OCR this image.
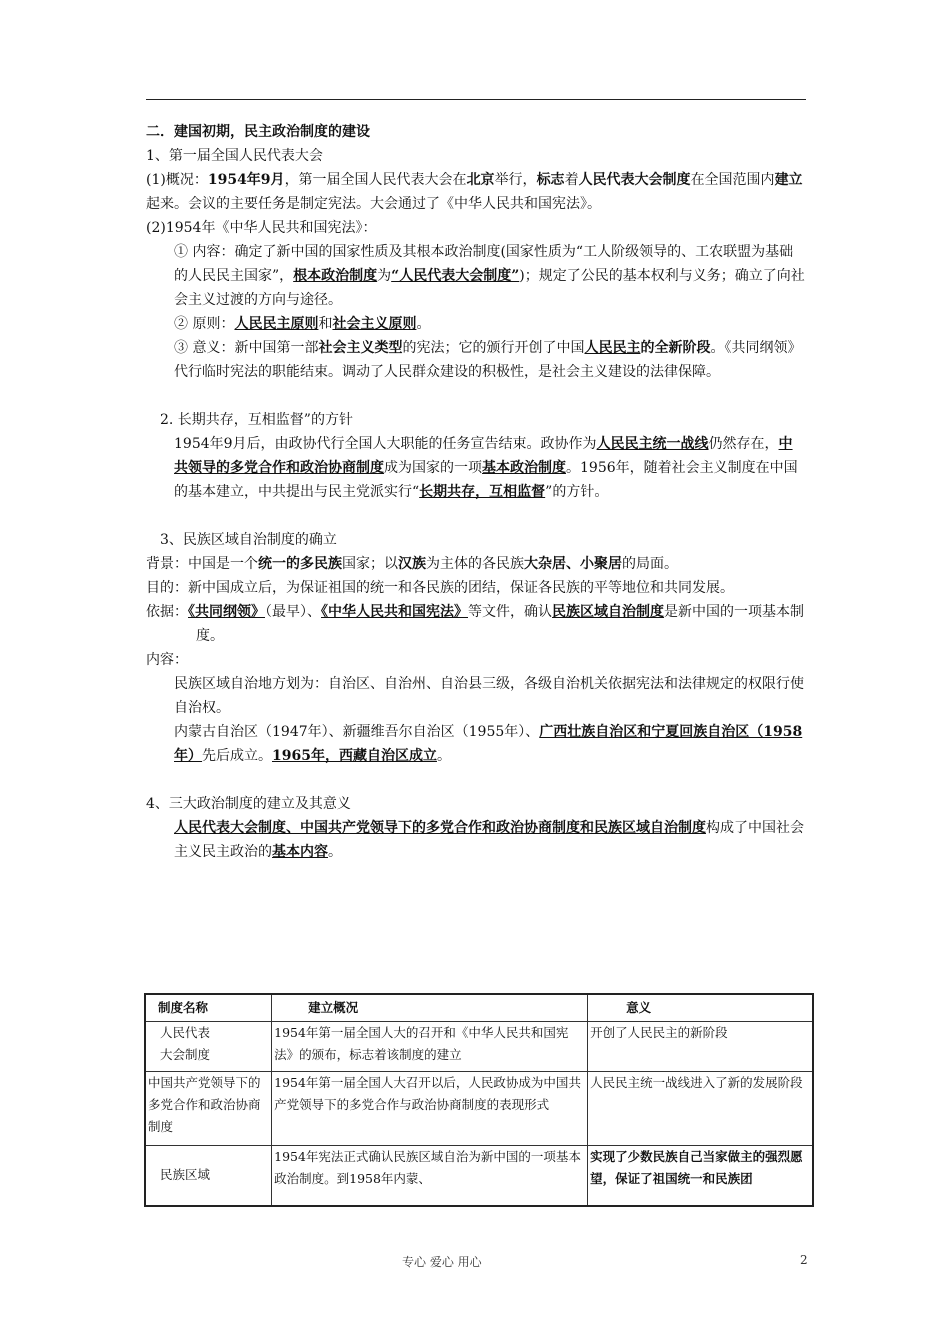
二．建国初期，民主政治制度的建设

1、第一届全国人民代表大会

(1)概况：1954年9月，第一届全国人民代表大会在北京举行，标志着人民代表大会制度在全国范围内建立起来。会议的主要任务是制定宪法。大会通过了《中华人民共和国宪法》。

(2)1954年《中华人民共和国宪法》：

① 内容：确定了新中国的国家性质及其根本政治制度(国家性质为“工人阶级领导的、工农联盟为基础的人民民主国家”，根本政治制度为“人民代表大会制度”)；规定了公民的基本权利与义务；确立了向社会主义过渡的方向与途径。

② 原则：人民民主原则和社会主义原则。

③ 意义：新中国第一部社会主义类型的宪法；它的颁行开创了中国人民民主的全新阶段。《共同纲领》代行临时宪法的职能结束。调动了人民群众建设的积极性，是社会主义建设的法律保障。

2. 长期共存，互相监督”的方针

1954年9月后，由政协代行全国人大职能的任务宣告结束。政协作为人民民主统一战线仍然存在，中共领导的多党合作和政治协商制度成为国家的一项基本政治制度。1956年，随着社会主义制度在中国的基本建立，中共提出与民主党派实行“长期共存，互相监督”的方针。

3、民族区域自治制度的确立

背景：中国是一个统一的多民族国家；以汉族为主体的各民族大杂居、小聚居的局面。

目的：新中国成立后，为保证祖国的统一和各民族的团结，保证各民族的平等地位和共同发展。

依据：《共同纲领》（最早）、《中华人民共和国宪法》等文件，确认民族区域自治制度是新中国的一项基本制度。

内容：

民族区域自治地方划为：自治区、自治州、自治县三级，各级自治机关依据宪法和法律规定的权限行使自治权。

内蒙古自治区（1947年）、新疆维吾尔自治区（1955年）、广西壮族自治区和宁夏回族自治区（1958年）先后成立。1965年，西藏自治区成立。

4、三大政治制度的建立及其意义

人民代表大会制度、中国共产党领导下的多党合作和政治协商制度和民族区域自治制度构成了中国社会主义民主政治的基本内容。

制度名称	建立概况	意义
人民代表
大会制度	1954年第一届全国人大的召开和《中华人民共和国宪法》的颁布，标志着该制度的建立	开创了人民民主的新阶段
中国共产党领导下的多党合作和政治协商制度	1954年第一届全国人大召开以后，人民政协成为中国共产党领导下的多党合作与政治协商制度的表现形式	人民民主统一战线进入了新的发展阶段
民族区域	1954年宪法正式确认民族区域自治为新中国的一项基本政治制度。到1958年内蒙、	实现了少数民族自己当家做主的强烈愿望，保证了祖国统一和民族团
专心 爱心 用心	2
